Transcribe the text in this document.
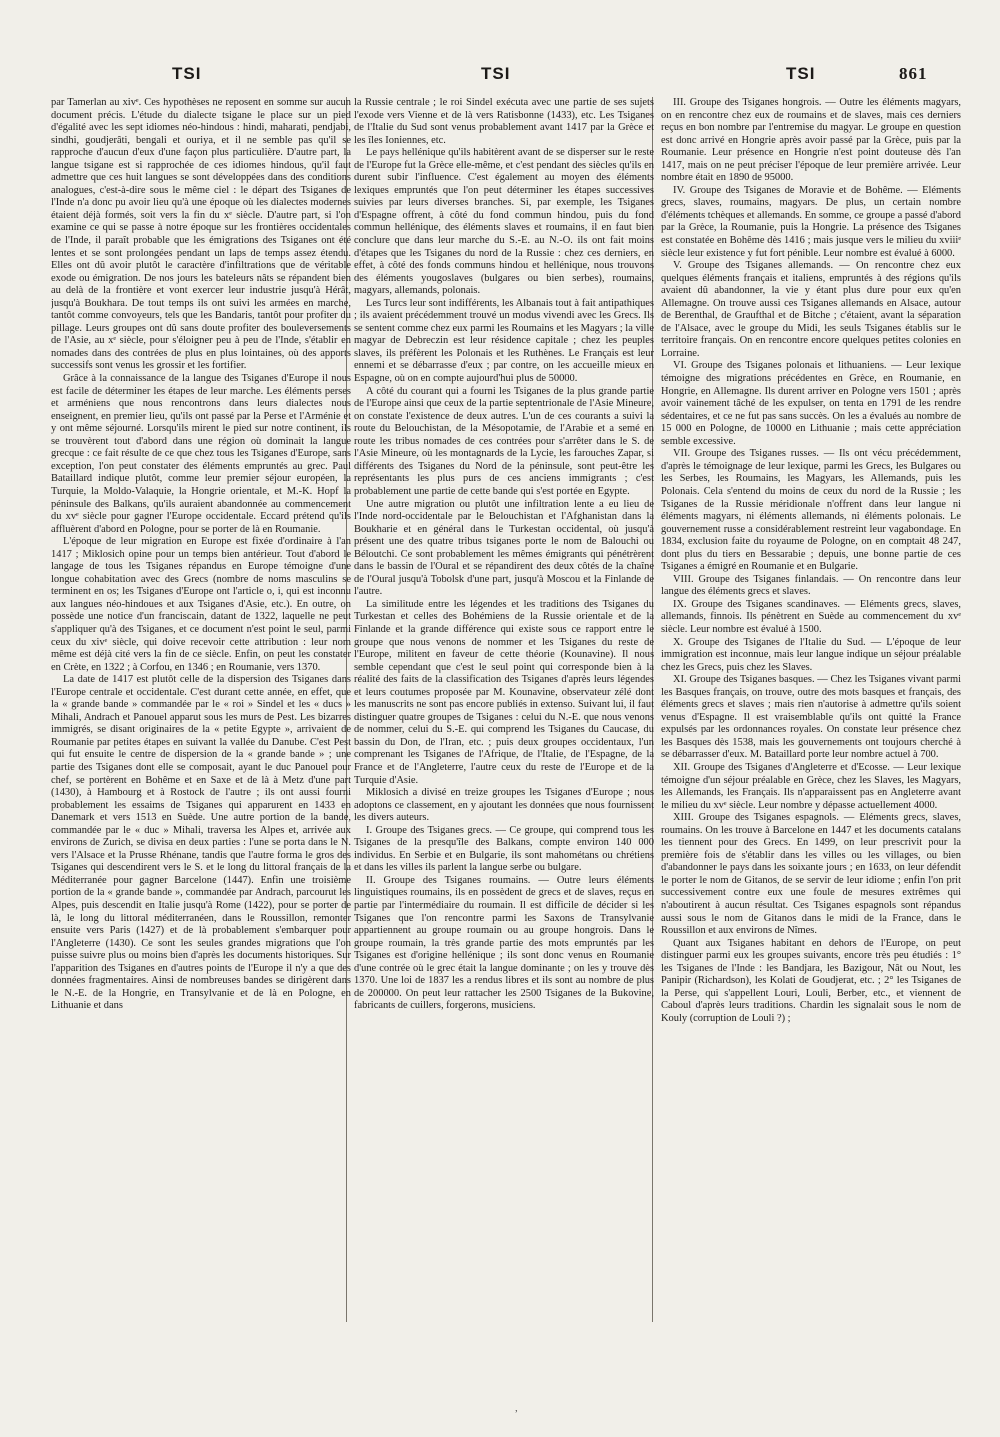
TSI	TSI	TSI	861

par Tamerlan au xivᵉ. Ces hypothèses ne reposent en somme sur aucun document précis. L'étude du dialecte tsigane le place sur un pied d'égalité avec les sept idiomes néo-hindous : hindi, maharati, pendjabi, sindhi, goudjerâti, bengali et ouriya, et il ne semble pas qu'il se rapproche d'aucun d'eux d'une façon plus particulière. D'autre part, la langue tsigane est si rapprochée de ces idiomes hindous, qu'il faut admettre que ces huit langues se sont développées dans des conditions analogues, c'est-à-dire sous le même ciel : le départ des Tsiganes de l'Inde n'a donc pu avoir lieu qu'à une époque où les dialectes modernes étaient déjà formés, soit vers la fin du xᵉ siècle. D'autre part, si l'on examine ce qui se passe à notre époque sur les frontières occidentales de l'Inde, il paraît probable que les émigrations des Tsiganes ont été lentes et se sont prolongées pendant un laps de temps assez étendu. Elles ont dû avoir plutôt le caractère d'infiltrations que de véritable exode ou émigration. De nos jours les bateleurs nâts se répandent bien au delà de la frontière et vont exercer leur industrie jusqu'à Hérât, jusqu'à Boukhara. De tout temps ils ont suivi les armées en marche, tantôt comme convoyeurs, tels que les Bandaris, tantôt pour profiter du pillage. Leurs groupes ont dû sans doute profiter des bouleversements de l'Asie, au xᵉ siècle, pour s'éloigner peu à peu de l'Inde, s'établir en nomades dans des contrées de plus en plus lointaines, où des apports successifs sont venus les grossir et les fortifier.

Grâce à la connaissance de la langue des Tsiganes d'Europe il nous est facile de déterminer les étapes de leur marche. Les éléments perses et arméniens que nous rencontrons dans leurs dialectes nous enseignent, en premier lieu, qu'ils ont passé par la Perse et l'Arménie et y ont même séjourné. Lorsqu'ils mirent le pied sur notre continent, ils se trouvèrent tout d'abord dans une région où dominait la langue grecque : ce fait résulte de ce que chez tous les Tsiganes d'Europe, sans exception, l'on peut constater des éléments empruntés au grec. Paul Bataillard indique plutôt, comme leur premier séjour européen, la Turquie, la Moldo-Valaquie, la Hongrie orientale, et M.-K. Hopf la péninsule des Balkans, qu'ils auraient abandonnée au commencement du xvᵉ siècle pour gagner l'Europe occidentale. Eccard prétend qu'ils affluèrent d'abord en Pologne, pour se porter de là en Roumanie.

L'époque de leur migration en Europe est fixée d'ordinaire à l'an 1417 ; Miklosich opine pour un temps bien antérieur. Tout d'abord le langage de tous les Tsiganes répandus en Europe témoigne d'une longue cohabitation avec des Grecs (nombre de noms masculins se terminent en os; les Tsiganes d'Europe ont l'article o, i, qui est inconnu aux langues néo-hindoues et aux Tsiganes d'Asie, etc.). En outre, on possède une notice d'un franciscain, datant de 1322, laquelle ne peut s'appliquer qu'à des Tsiganes, et ce document n'est point le seul, parmi ceux du xivᵉ siècle, qui doive recevoir cette attribution : leur nom même est déjà cité vers la fin de ce siècle. Enfin, on peut les constater en Crète, en 1322 ; à Corfou, en 1346 ; en Roumanie, vers 1370.

La date de 1417 est plutôt celle de la dispersion des Tsiganes dans l'Europe centrale et occidentale. C'est durant cette année, en effet, que la « grande bande » commandée par le « roi » Sindel et les « ducs » Mihali, Andrach et Panouel apparut sous les murs de Pest. Les bizarres immigrés, se disant originaires de la « petite Egypte », arrivaient de Roumanie par petites étapes en suivant la vallée du Danube. C'est Pest qui fut ensuite le centre de dispersion de la « grande bande » ; une partie des Tsiganes dont elle se composait, ayant le duc Panouel pour chef, se portèrent en Bohême et en Saxe et de là à Metz d'une part (1430), à Hambourg et à Rostock de l'autre ; ils ont aussi fourni probablement les essaims de Tsiganes qui apparurent en 1433 en Danemark et vers 1513 en Suède. Une autre portion de la bande, commandée par le « duc » Mihali, traversa les Alpes et, arrivée aux environs de Zurich, se divisa en deux parties : l'une se porta dans le N. vers l'Alsace et la Prusse Rhénane, tandis que l'autre forma le gros des Tsiganes qui descendirent vers le S. et le long du littoral français de la Méditerranée pour gagner Barcelone (1447). Enfin une troisième portion de la « grande bande », commandée par Andrach, parcourut les Alpes, puis descendit en Italie jusqu'à Rome (1422), pour se porter de là, le long du littoral méditerranéen, dans le Roussillon, remonter ensuite vers Paris (1427) et de là probablement s'embarquer pour l'Angleterre (1430). Ce sont les seules grandes migrations que l'on puisse suivre plus ou moins bien d'après les documents historiques. Sur l'apparition des Tsiganes en d'autres points de l'Europe il n'y a que des données fragmentaires. Ainsi de nombreuses bandes se dirigèrent dans le N.-E. de la Hongrie, en Transylvanie et de là en Pologne, en Lithuanie et dans

la Russie centrale ; le roi Sindel exécuta avec une partie de ses sujets l'exode vers Vienne et de là vers Ratisbonne (1433), etc. Les Tsiganes de l'Italie du Sud sont venus probablement avant 1417 par la Grèce et les îles Ioniennes, etc.

Le pays hellénique qu'ils habitèrent avant de se disperser sur le reste de l'Europe fut la Grèce elle-même, et c'est pendant des siècles qu'ils en durent subir l'influence. C'est également au moyen des éléments lexiques empruntés que l'on peut déterminer les étapes successives suivies par leurs diverses branches. Si, par exemple, les Tsiganes d'Espagne offrent, à côté du fond commun hindou, puis du fond commun hellénique, des éléments slaves et roumains, il en faut bien conclure que dans leur marche du S.-E. au N.-O. ils ont fait moins d'étapes que les Tsiganes du nord de la Russie : chez ces derniers, en effet, à côté des fonds communs hindou et hellénique, nous trouvons des éléments yougoslaves (bulgares ou bien serbes), roumains, magyars, allemands, polonais.

Les Turcs leur sont indifférents, les Albanais tout à fait antipathiques ; ils avaient précédemment trouvé un modus vivendi avec les Grecs. Ils se sentent comme chez eux parmi les Roumains et les Magyars ; la ville magyar de Debreczin est leur résidence capitale ; chez les peuples slaves, ils préfèrent les Polonais et les Ruthènes. Le Français est leur ennemi et se débarrasse d'eux ; par contre, on les accueille mieux en Espagne, où on en compte aujourd'hui plus de 50000.

A côté du courant qui a fourni les Tsiganes de la plus grande partie de l'Europe ainsi que ceux de la partie septentrionale de l'Asie Mineure, on constate l'existence de deux autres. L'un de ces courants a suivi la route du Belouchistan, de la Mésopotamie, de l'Arabie et a semé en route les tribus nomades de ces contrées pour s'arrêter dans le S. de l'Asie Mineure, où les montagnards de la Lycie, les farouches Zapar, si différents des Tsiganes du Nord de la péninsule, sont peut-être les représentants les plus purs de ces anciens immigrants ; c'est probablement une partie de cette bande qui s'est portée en Egypte.

Une autre migration ou plutôt une infiltration lente a eu lieu de l'Inde nord-occidentale par le Belouchistan et l'Afghanistan dans la Boukharie et en général dans le Turkestan occidental, où jusqu'à présent une des quatre tribus tsiganes porte le nom de Balouchi ou Béloutchi. Ce sont probablement les mêmes émigrants qui pénétrèrent dans le bassin de l'Oural et se répandirent des deux côtés de la chaîne de l'Oural jusqu'à Tobolsk d'une part, jusqu'à Moscou et la Finlande de l'autre.

La similitude entre les légendes et les traditions des Tsiganes du Turkestan et celles des Bohémiens de la Russie orientale et de la Finlande et la grande différence qui existe sous ce rapport entre le groupe que nous venons de nommer et les Tsiganes du reste de l'Europe, militent en faveur de cette théorie (Kounavine). Il nous semble cependant que c'est le seul point qui corresponde bien à la réalité des faits de la classification des Tsiganes d'après leurs légendes et leurs coutumes proposée par M. Kounavine, observateur zélé dont les manuscrits ne sont pas encore publiés in extenso. Suivant lui, il faut distinguer quatre groupes de Tsiganes : celui du N.-E. que nous venons de nommer, celui du S.-E. qui comprend les Tsiganes du Caucase, du bassin du Don, de l'Iran, etc. ; puis deux groupes occidentaux, l'un comprenant les Tsiganes de l'Afrique, de l'Italie, de l'Espagne, de la France et de l'Angleterre, l'autre ceux du reste de l'Europe et de la Turquie d'Asie.

Miklosich a divisé en treize groupes les Tsiganes d'Europe ; nous adoptons ce classement, en y ajoutant les données que nous fournissent les divers auteurs.

I. Groupe des Tsiganes grecs. — Ce groupe, qui comprend tous les Tsiganes de la presqu'île des Balkans, compte environ 140 000 individus. En Serbie et en Bulgarie, ils sont mahométans ou chrétiens et dans les villes ils parlent la langue serbe ou bulgare.

II. Groupe des Tsiganes roumains. — Outre leurs éléments linguistiques roumains, ils en possèdent de grecs et de slaves, reçus en partie par l'intermédiaire du roumain. Il est difficile de décider si les Tsiganes que l'on rencontre parmi les Saxons de Transylvanie appartiennent au groupe roumain ou au groupe hongrois. Dans le groupe roumain, la très grande partie des mots empruntés par les Tsiganes est d'origine hellénique ; ils sont donc venus en Roumanie d'une contrée où le grec était la langue dominante ; on les y trouve dès 1370. Une loi de 1837 les a rendus libres et ils sont au nombre de plus de 200000. On peut leur rattacher les 2500 Tsiganes de la Bukovine, fabricants de cuillers, forgerons, musiciens.

III. Groupe des Tsiganes hongrois. — Outre les éléments magyars, on en rencontre chez eux de roumains et de slaves, mais ces derniers reçus en bon nombre par l'entremise du magyar. Le groupe en question est donc arrivé en Hongrie après avoir passé par la Grèce, puis par la Roumanie. Leur présence en Hongrie n'est point douteuse dès l'an 1417, mais on ne peut préciser l'époque de leur première arrivée. Leur nombre était en 1890 de 95000.

IV. Groupe des Tsiganes de Moravie et de Bohême. — Eléments grecs, slaves, roumains, magyars. De plus, un certain nombre d'éléments tchèques et allemands. En somme, ce groupe a passé d'abord par la Grèce, la Roumanie, puis la Hongrie. La présence des Tsiganes est constatée en Bohême dès 1416 ; mais jusque vers le milieu du xviiiᵉ siècle leur existence y fut fort pénible. Leur nombre est évalué à 6000.

V. Groupe des Tsiganes allemands. — On rencontre chez eux quelques éléments français et italiens, empruntés à des régions qu'ils avaient dû abandonner, la vie y étant plus dure pour eux qu'en Allemagne. On trouve aussi ces Tsiganes allemands en Alsace, autour de Berenthal, de Graufthal et de Bitche ; c'étaient, avant la séparation de l'Alsace, avec le groupe du Midi, les seuls Tsiganes établis sur le territoire français. On en rencontre encore quelques petites colonies en Lorraine.

VI. Groupe des Tsiganes polonais et lithuaniens. — Leur lexique témoigne des migrations précédentes en Grèce, en Roumanie, en Hongrie, en Allemagne. Ils durent arriver en Pologne vers 1501 ; après avoir vainement tâché de les expulser, on tenta en 1791 de les rendre sédentaires, et ce ne fut pas sans succès. On les a évalués au nombre de 15 000 en Pologne, de 10000 en Lithuanie ; mais cette appréciation semble excessive.

VII. Groupe des Tsiganes russes. — Ils ont vécu précédemment, d'après le témoignage de leur lexique, parmi les Grecs, les Bulgares ou les Serbes, les Roumains, les Magyars, les Allemands, puis les Polonais. Cela s'entend du moins de ceux du nord de la Russie ; les Tsiganes de la Russie méridionale n'offrent dans leur langue ni éléments magyars, ni éléments allemands, ni éléments polonais. Le gouvernement russe a considérablement restreint leur vagabondage. En 1834, exclusion faite du royaume de Pologne, on en comptait 48 247, dont plus du tiers en Bessarabie ; depuis, une bonne partie de ces Tsiganes a émigré en Roumanie et en Bulgarie.

VIII. Groupe des Tsiganes finlandais. — On rencontre dans leur langue des éléments grecs et slaves.

IX. Groupe des Tsiganes scandinaves. — Eléments grecs, slaves, allemands, finnois. Ils pénètrent en Suède au commencement du xvᵉ siècle. Leur nombre est évalué à 1500.

X. Groupe des Tsiganes de l'Italie du Sud. — L'époque de leur immigration est inconnue, mais leur langue indique un séjour préalable chez les Grecs, puis chez les Slaves.

XI. Groupe des Tsiganes basques. — Chez les Tsiganes vivant parmi les Basques français, on trouve, outre des mots basques et français, des éléments grecs et slaves ; mais rien n'autorise à admettre qu'ils soient venus d'Espagne. Il est vraisemblable qu'ils ont quitté la France expulsés par les ordonnances royales. On constate leur présence chez les Basques dès 1538, mais les gouvernements ont toujours cherché à se débarrasser d'eux. M. Bataillard porte leur nombre actuel à 700.

XII. Groupe des Tsiganes d'Angleterre et d'Ecosse. — Leur lexique témoigne d'un séjour préalable en Grèce, chez les Slaves, les Magyars, les Allemands, les Français. Ils n'apparaissent pas en Angleterre avant le milieu du xvᵉ siècle. Leur nombre y dépasse actuellement 4000.

XIII. Groupe des Tsiganes espagnols. — Eléments grecs, slaves, roumains. On les trouve à Barcelone en 1447 et les documents catalans les tiennent pour des Grecs. En 1499, on leur prescrivit pour la première fois de s'établir dans les villes ou les villages, ou bien d'abandonner le pays dans les soixante jours ; en 1633, on leur défendit le porter le nom de Gitanos, de se servir de leur idiome ; enfin l'on prit successivement contre eux une foule de mesures extrêmes qui n'aboutirent à aucun résultat. Ces Tsiganes espagnols sont répandus aussi sous le nom de Gitanos dans le midi de la France, dans le Roussillon et aux environs de Nîmes.

Quant aux Tsiganes habitant en dehors de l'Europe, on peut distinguer parmi eux les groupes suivants, encore très peu étudiés : 1° les Tsiganes de l'Inde : les Bandjara, les Bazigour, Nât ou Nout, les Panipir (Richardson), les Kolati de Goudjerat, etc. ; 2° les Tsiganes de la Perse, qui s'appellent Louri, Louli, Berber, etc., et viennent de Caboul d'après leurs traditions. Chardin les signalait sous le nom de Kouly (corruption de Louli ?) ;

,
